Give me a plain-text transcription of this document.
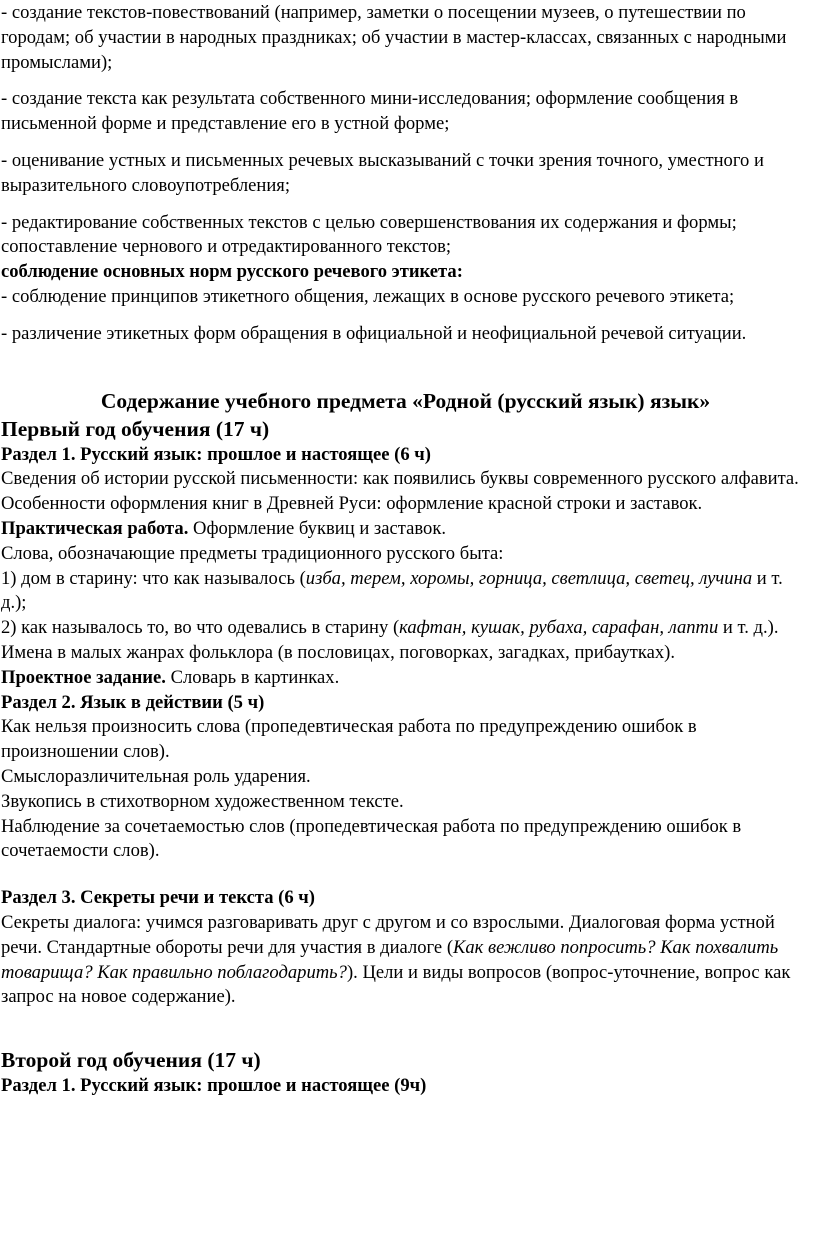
- создание текстов-повествований (например, заметки о посещении музеев, о путешествии по городам; об участии в народных праздниках; об участии в мастер-классах, связанных с народными промыслами);

- создание текста как результата собственного мини-исследования; оформление сообщения в письменной форме и представление его в устной форме;

- оценивание устных и письменных речевых высказываний с точки зрения точного, уместного и выразительного словоупотребления;

- редактирование собственных текстов с целью совершенствования их содержания и формы; сопоставление чернового и отредактированного текстов;

соблюдение основных норм русского речевого этикета:

- соблюдение принципов этикетного общения, лежащих в основе русского речевого этикета;

- различение этикетных форм обращения в официальной и неофициальной речевой ситуации.

Содержание учебного предмета «Родной (русский язык) язык»

Первый год обучения (17 ч)

Раздел 1. Русский язык: прошлое и настоящее (6 ч)

Сведения об истории русской письменности: как появились буквы современного русского алфавита.

Особенности оформления книг в Древней Руси: оформление красной строки и заставок.

Практическая работа. Оформление буквиц и заставок.

Слова, обозначающие предметы традиционного русского быта:

1) дом в старину: что как называлось (изба, терем, хоромы, горница, светлица, светец, лучина и т. д.);

2) как называлось то, во что одевались в старину (кафтан, кушак, рубаха, сарафан, лапти и т. д.).

Имена в малых жанрах фольклора (в пословицах, поговорках, загадках, прибаутках).

Проектное задание. Словарь в картинках.

Раздел 2. Язык в действии (5 ч)

Как нельзя произносить слова (пропедевтическая работа по предупреждению ошибок в произношении слов).

Смыслоразличительная роль ударения.

Звукопись в стихотворном художественном тексте.

Наблюдение за сочетаемостью слов (пропедевтическая работа по предупреждению ошибок в сочетаемости слов).

Раздел 3. Секреты речи и текста (6 ч)

Секреты диалога: учимся разговаривать друг с другом и со взрослыми. Диалоговая форма устной речи. Стандартные обороты речи для участия в диалоге (Как вежливо попросить? Как похвалить товарища? Как правильно поблагодарить?). Цели и виды вопросов (вопрос-уточнение, вопрос как запрос на новое содержание).

Второй год обучения (17 ч)

Раздел 1. Русский язык: прошлое и настоящее (9ч)
